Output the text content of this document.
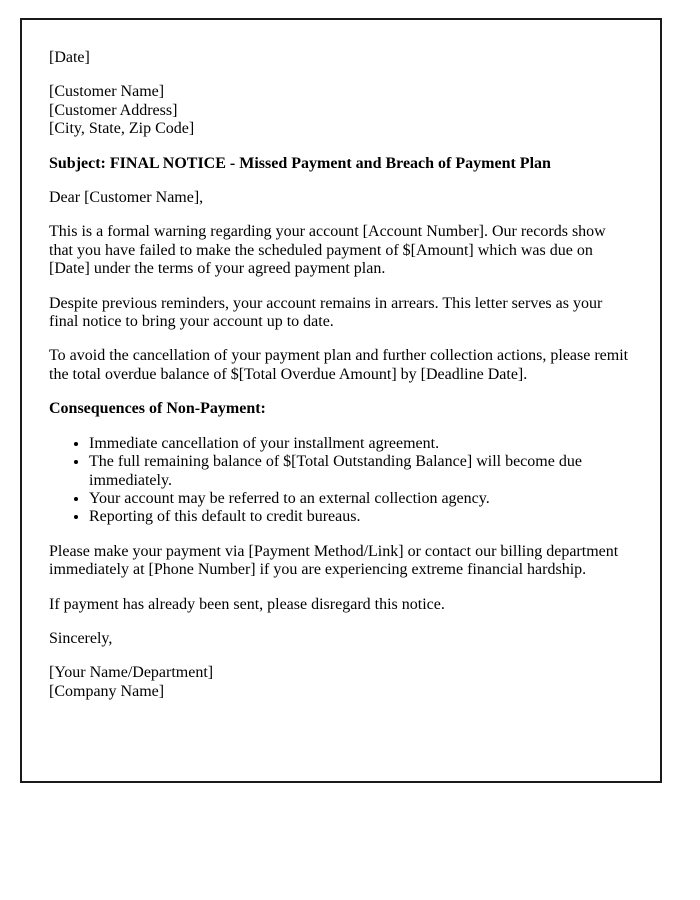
[Date]

[Customer Name]
[Customer Address]
[City, State, Zip Code]

Subject: FINAL NOTICE - Missed Payment and Breach of Payment Plan

Dear [Customer Name],

This is a formal warning regarding your account [Account Number]. Our records show that you have failed to make the scheduled payment of $[Amount] which was due on [Date] under the terms of your agreed payment plan.

Despite previous reminders, your account remains in arrears. This letter serves as your final notice to bring your account up to date.

To avoid the cancellation of your payment plan and further collection actions, please remit the total overdue balance of $[Total Overdue Amount] by [Deadline Date].

Consequences of Non-Payment:

• Immediate cancellation of your installment agreement.
• The full remaining balance of $[Total Outstanding Balance] will become due immediately.
• Your account may be referred to an external collection agency.
• Reporting of this default to credit bureaus.

Please make your payment via [Payment Method/Link] or contact our billing department immediately at [Phone Number] if you are experiencing extreme financial hardship.

If payment has already been sent, please disregard this notice.

Sincerely,

[Your Name/Department]
[Company Name]
